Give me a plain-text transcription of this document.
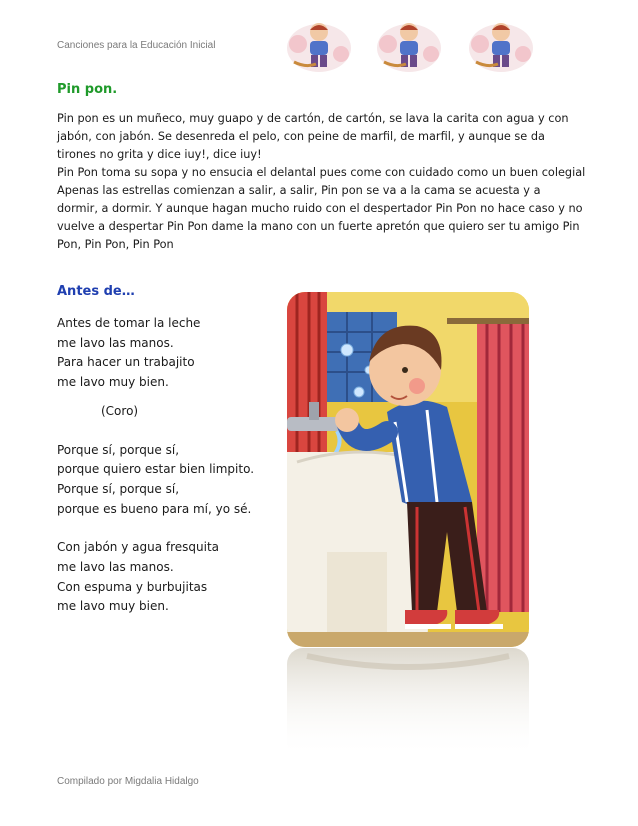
Canciones para la Educación Inicial
Pin pon.

Pin pon es un muñeco, muy guapo y de cartón, de cartón, se lava la carita con agua y con
jabón, con jabón. Se desenreda el pelo, con peine de marfil, de marfil, y aunque se da
tirones no grita y dice iuy!, dice iuy!
Pin Pon toma su sopa y no ensucia el delantal pues come con cuidado como un buen colegial
Apenas las estrellas comienzan a salir, a salir, Pin pon se va a la cama se acuesta y a
dormir, a dormir. Y aunque hagan mucho ruido con el despertador Pin Pon no hace caso y no
vuelve a despertar Pin Pon dame la mano con un fuerte apretón que quiero ser tu amigo Pin
Pon, Pin Pon, Pin Pon

Antes de…
Antes de tomar la leche
me lavo las manos.
Para hacer un trabajito
me lavo muy bien.
(Coro)
Porque sí, porque sí,
porque quiero estar bien limpito.
Porque sí, porque sí,
porque es bueno para mí, yo sé.
Con jabón y agua fresquita
me lavo las manos.
Con espuma y burbujitas
me lavo muy bien.
Compilado por Migdalia Hidalgo
